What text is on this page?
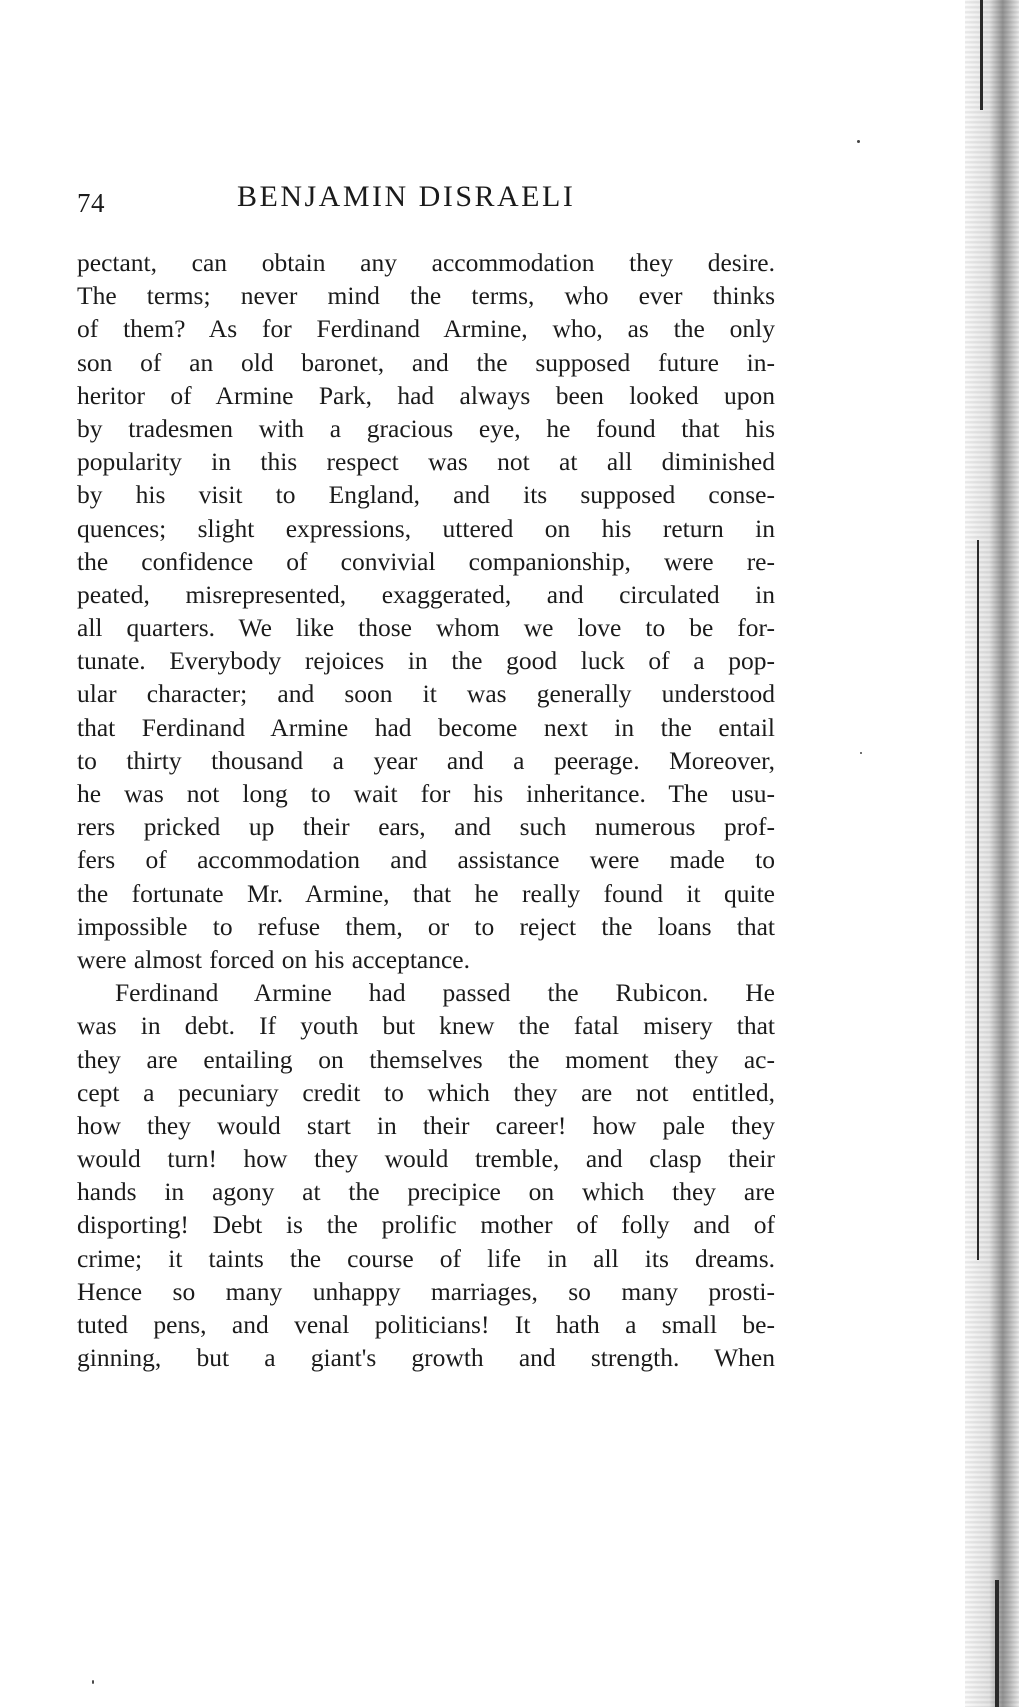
74	BENJAMIN DISRAELI
pectant, can obtain any accommodation they desire.
The terms; never mind the terms, who ever thinks
of them? As for Ferdinand Armine, who, as the only
son of an old baronet, and the supposed future in-
heritor of Armine Park, had always been looked upon
by tradesmen with a gracious eye, he found that his
popularity in this respect was not at all diminished
by his visit to England, and its supposed conse-
quences; slight expressions, uttered on his return in
the confidence of convivial companionship, were re-
peated, misrepresented, exaggerated, and circulated in
all quarters. We like those whom we love to be for-
tunate. Everybody rejoices in the good luck of a pop-
ular character; and soon it was generally understood
that Ferdinand Armine had become next in the entail
to thirty thousand a year and a peerage. Moreover,
he was not long to wait for his inheritance. The usu-
rers pricked up their ears, and such numerous prof-
fers of accommodation and assistance were made to
the fortunate Mr. Armine, that he really found it quite
impossible to refuse them, or to reject the loans that
were almost forced on his acceptance.
Ferdinand Armine had passed the Rubicon. He
was in debt. If youth but knew the fatal misery that
they are entailing on themselves the moment they ac-
cept a pecuniary credit to which they are not entitled,
how they would start in their career! how pale they
would turn! how they would tremble, and clasp their
hands in agony at the precipice on which they are
disporting! Debt is the prolific mother of folly and of
crime; it taints the course of life in all its dreams.
Hence so many unhappy marriages, so many prosti-
tuted pens, and venal politicians! It hath a small be-
ginning, but a giant's growth and strength. When
